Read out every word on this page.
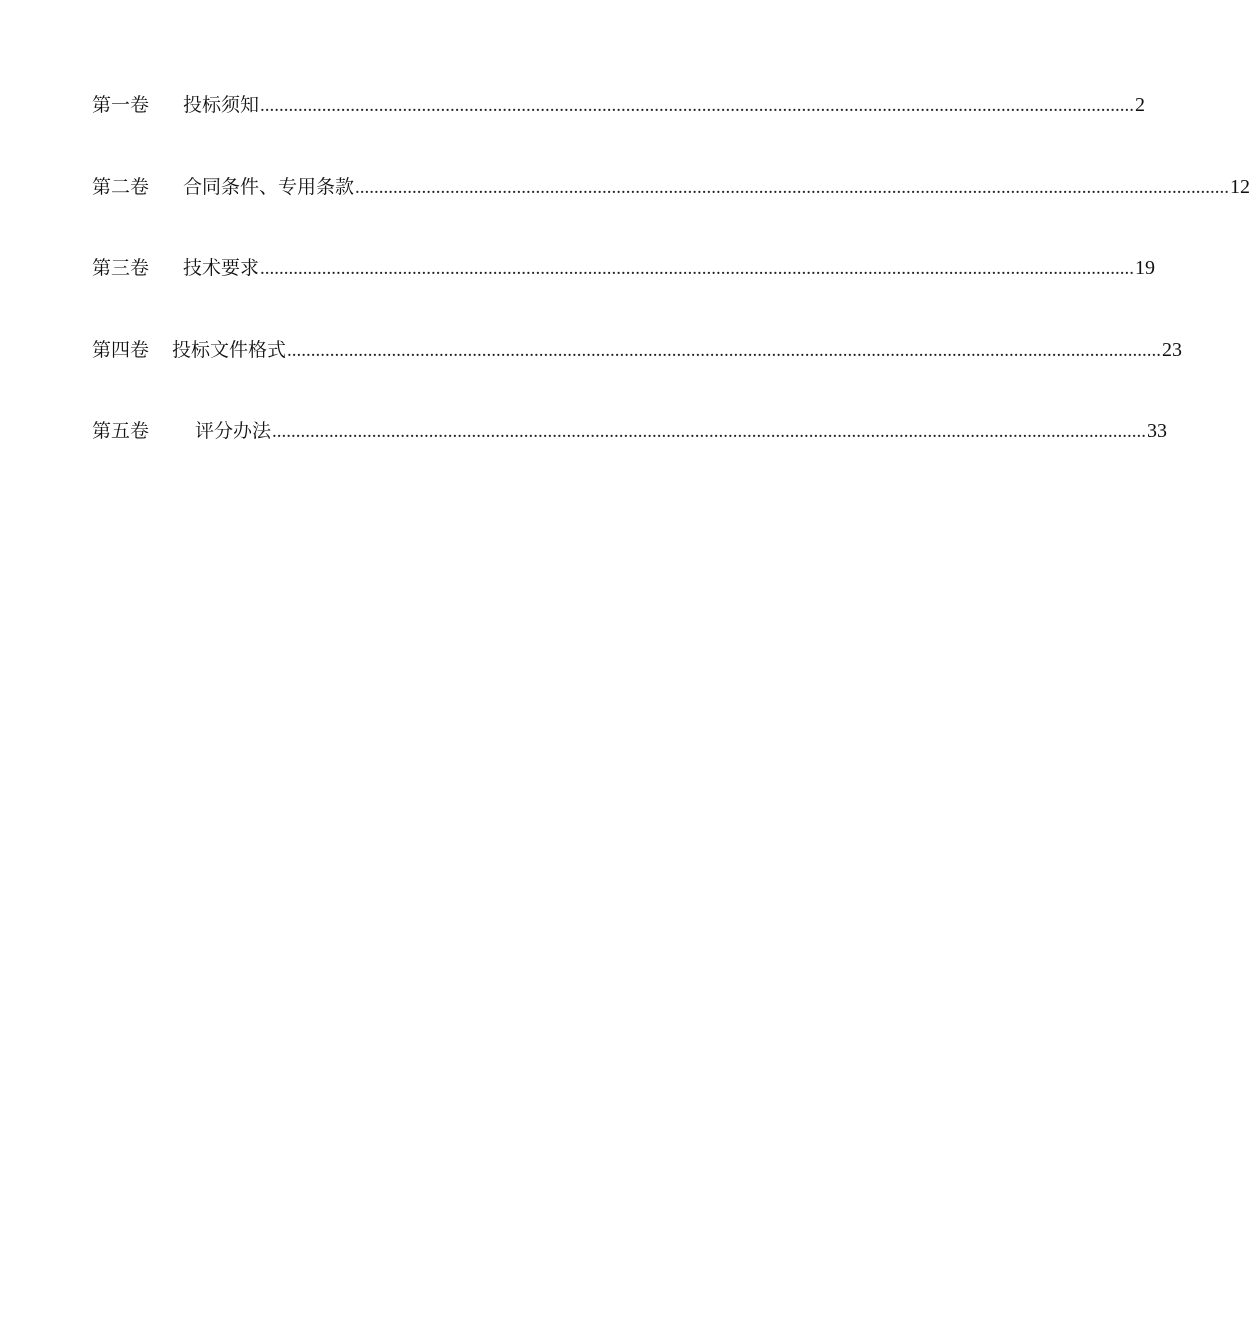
第一卷 投标须知 ........................................................................................................................................................................................ 2
第二卷 合同条件、专用条款 ........................................................................................................................................................................................ 12
第三卷 技术要求 ........................................................................................................................................................................................ 19
第四卷 投标文件格式 ........................................................................................................................................................................................ 23
第五卷 评分办法 ........................................................................................................................................................................................ 33
